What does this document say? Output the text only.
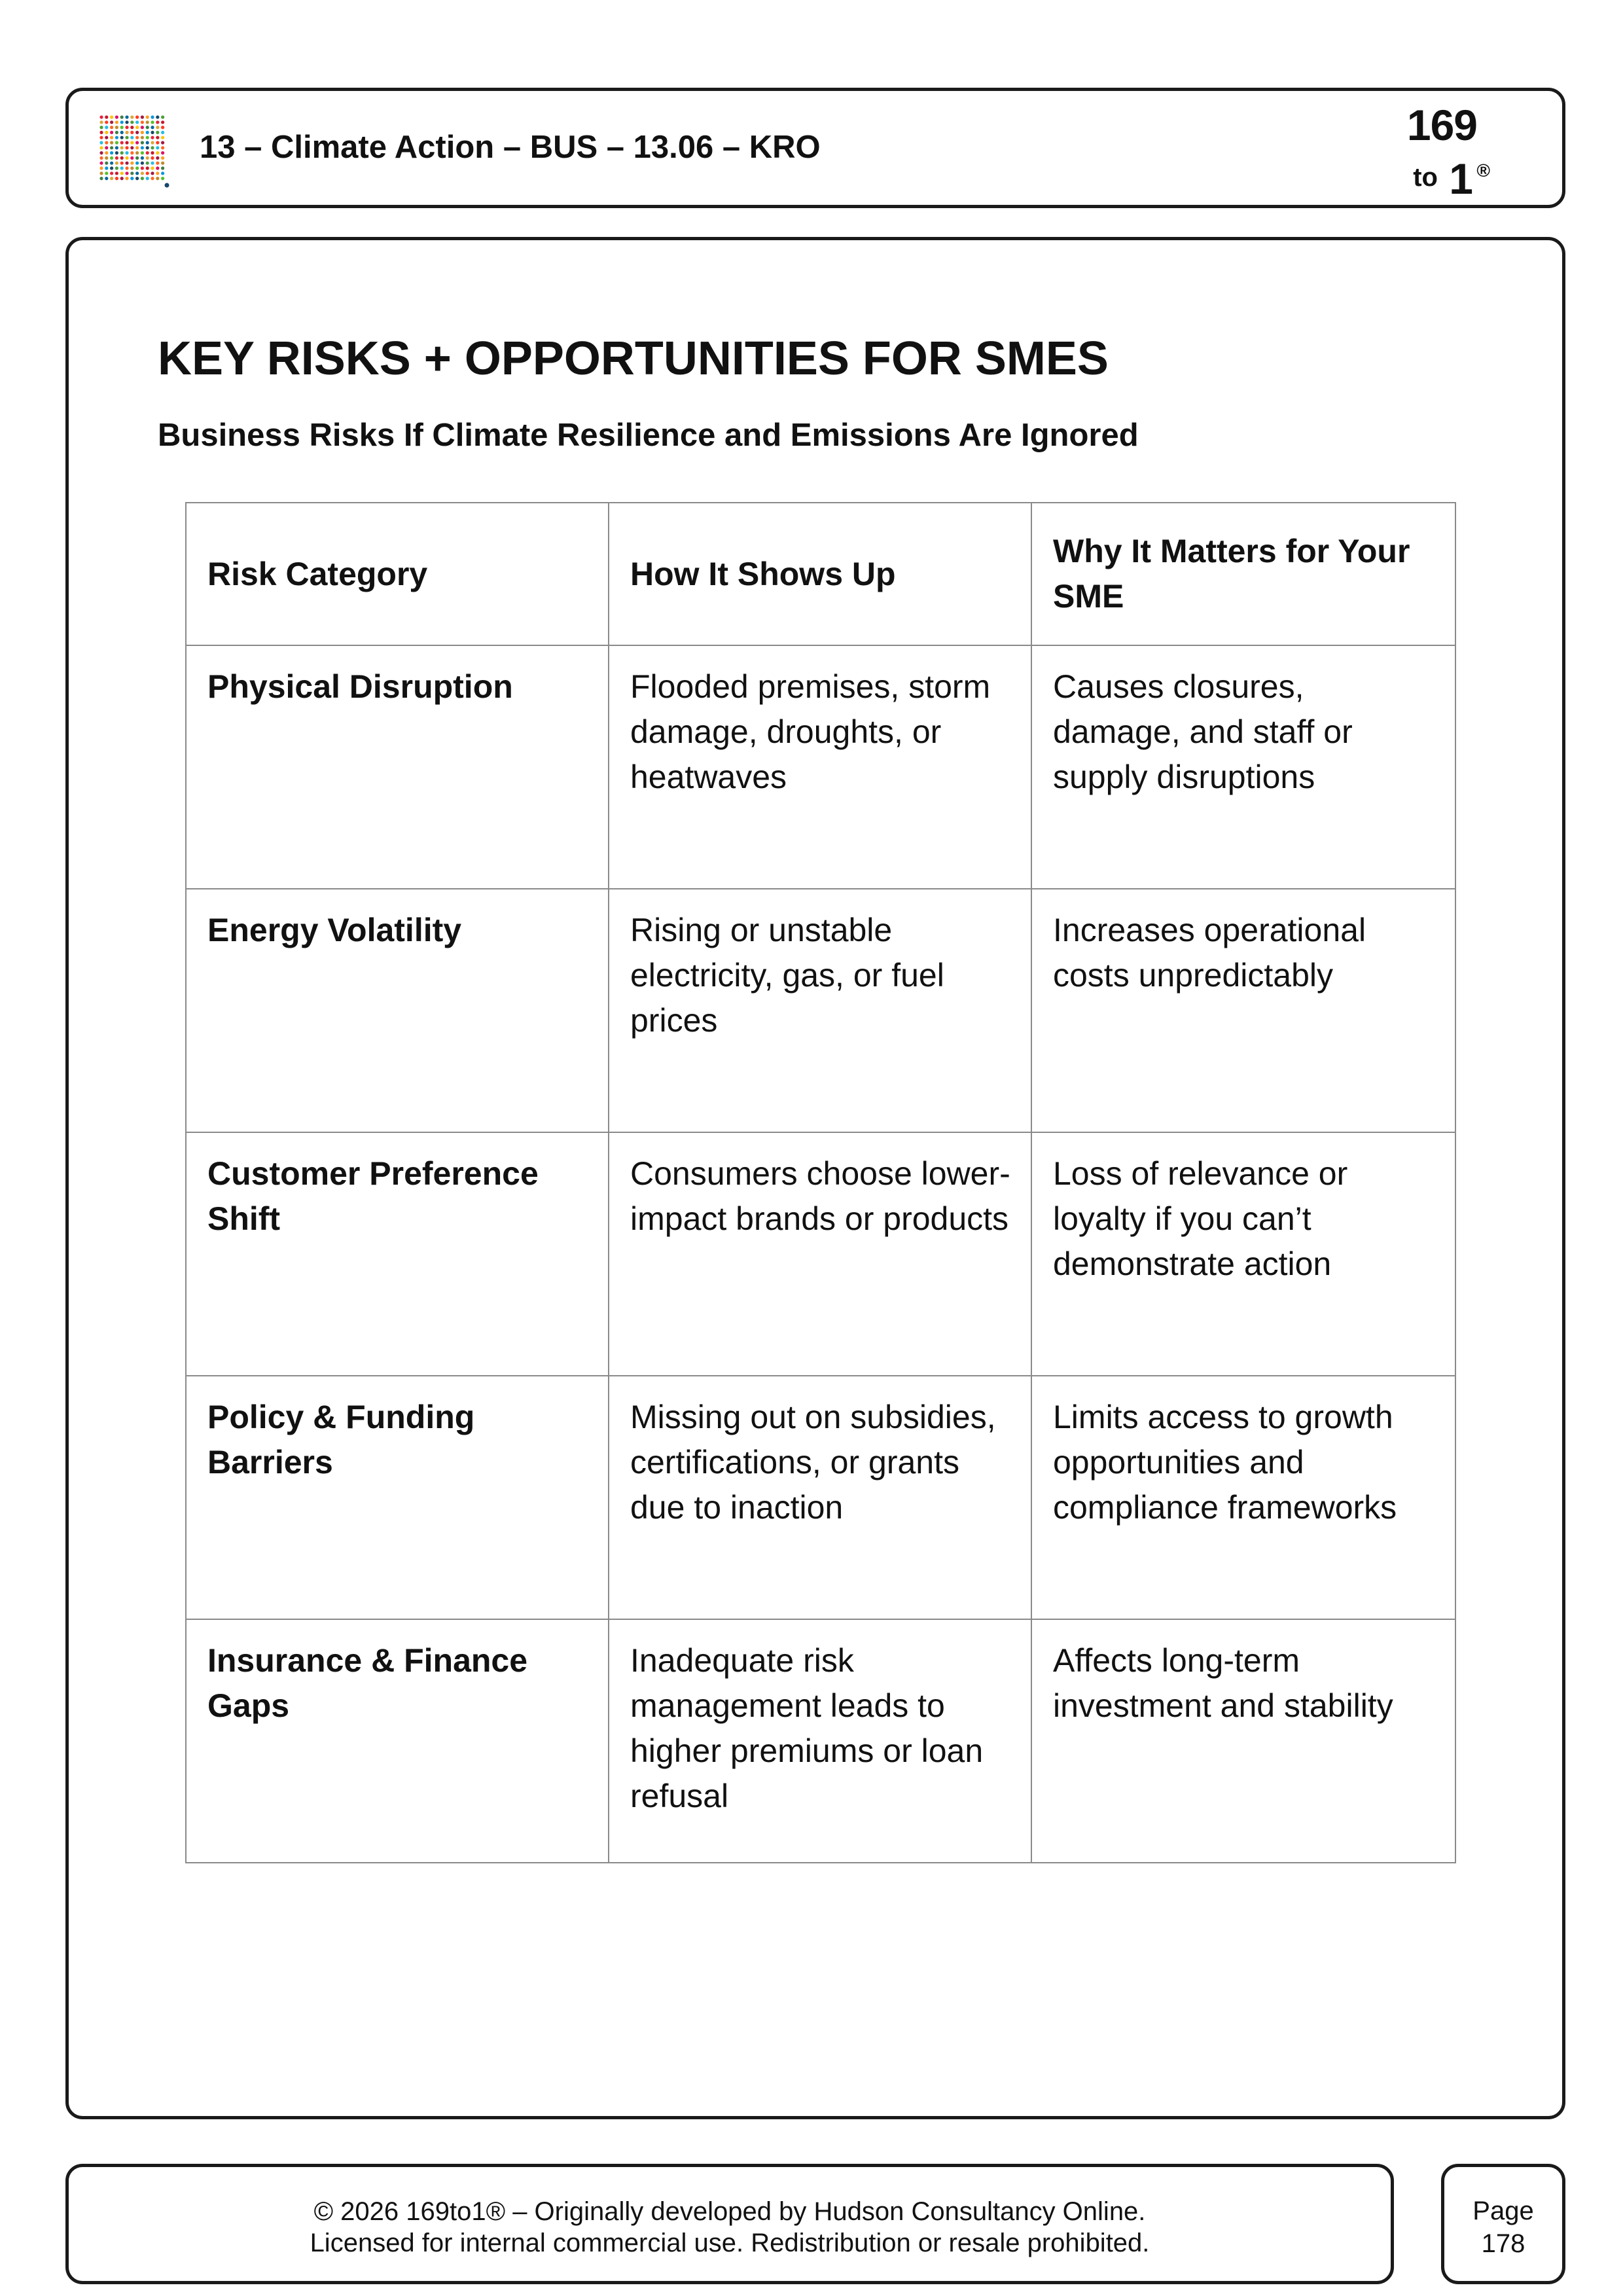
13 – Climate Action – BUS – 13.06 – KRO	169
to 1 ®
KEY RISKS + OPPORTUNITIES FOR SMES
Business Risks If Climate Resilience and Emissions Are Ignored
Risk Category	How It Shows Up	Why It Matters for Your SME
Physical Disruption	Flooded premises, storm damage, droughts, or heatwaves	Causes closures, damage, and staff or supply disruptions
Energy Volatility	Rising or unstable electricity, gas, or fuel prices	Increases operational costs unpredictably
Customer Preference Shift	Consumers choose lower-impact brands or products	Loss of relevance or loyalty if you can’t demonstrate action
Policy & Funding Barriers	Missing out on subsidies, certifications, or grants due to inaction	Limits access to growth opportunities and compliance frameworks
Insurance & Finance Gaps	Inadequate risk management leads to higher premiums or loan refusal	Affects long-term investment and stability
© 2026 169to1® – Originally developed by Hudson Consultancy Online.
Licensed for internal commercial use. Redistribution or resale prohibited.
Page
178
